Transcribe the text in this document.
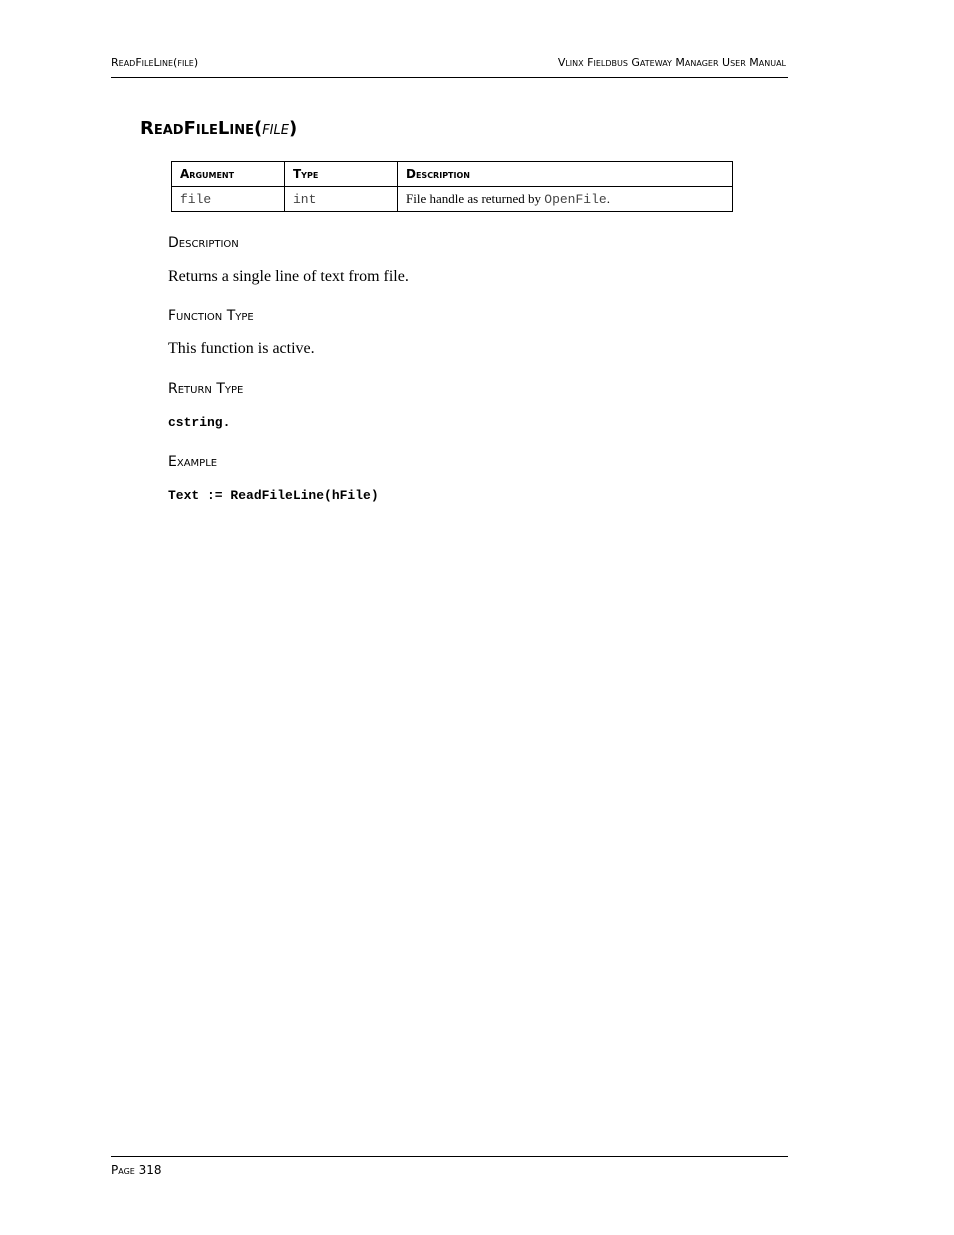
ReadFileLine(file)	Vlinx Fieldbus Gateway Manager User Manual
ReadFileLine(file)
Argument	Type	Description
file	int	File handle as returned by OpenFile.
Description

Returns a single line of text from file.

Function Type

This function is active.

Return Type

cstring.

Example

Text := ReadFileLine(hFile)

Page 318
